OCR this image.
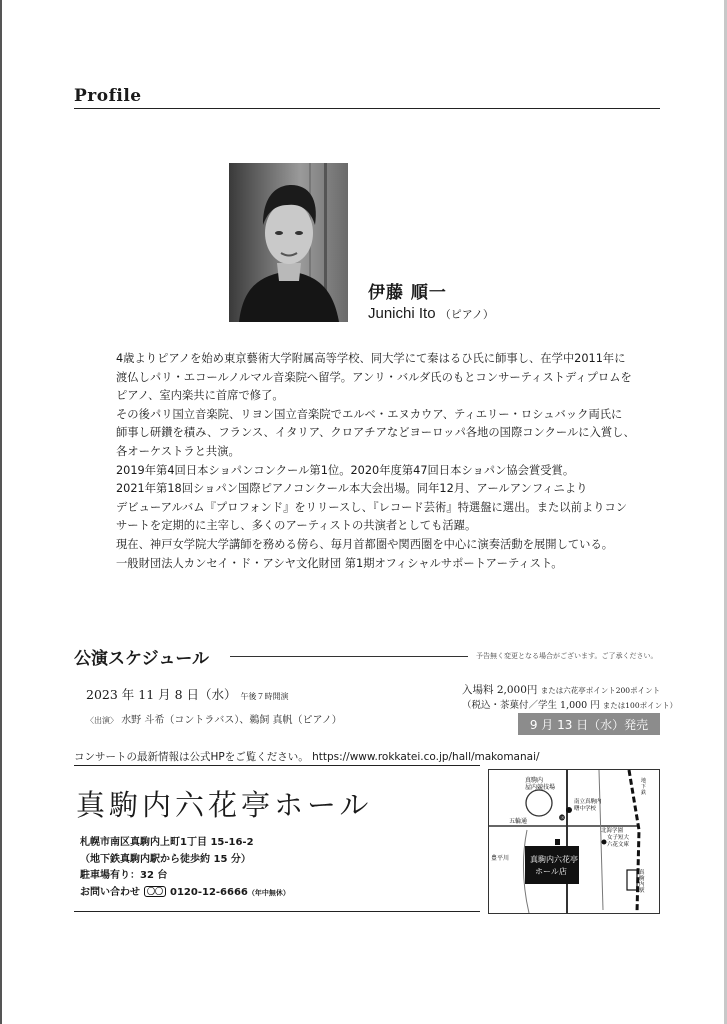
Profile
伊藤 順一
Junichi Ito （ピアノ）

4歳よりピアノを始め東京藝術大学附属高等学校、同大学にて秦はるひ氏に師事し、在学中2011年に

渡仏しパリ・エコールノルマル音楽院へ留学。アンリ・バルダ氏のもとコンサーティストディプロムを

ピアノ、室内楽共に首席で修了。

その後パリ国立音楽院、リヨン国立音楽院でエルベ・エヌカウア、ティエリー・ロシュバック両氏に

師事し研鑽を積み、フランス、イタリア、クロアチアなどヨーロッパ各地の国際コンクールに入賞し、

各オーケストラと共演。

2019年第4回日本ショパンコンクール第1位。2020年度第47回日本ショパン協会賞受賞。

2021年第18回ショパン国際ピアノコンクール本大会出場。同年12月、アールアンフィニより

デビューアルバム『プロフォンド』をリリースし、『レコード芸術』特選盤に選出。また以前よりコン

サートを定期的に主宰し、多くのアーティストの共演者としても活躍。

現在、神戸女学院大学講師を務める傍ら、毎月首都圏や関西圏を中心に演奏活動を展開している。

一般財団法人カンセイ・ド・アシヤ文化財団 第1期オフィシャルサポートアーティスト。

公演スケジュール	予告無く変更となる場合がございます。ご了承ください。
2023 年 11 月 8 日（水） 午後７時開演
〈出演〉 水野 斗希（コントラバス）、鵜飼 真帆（ピアノ）
入場料 2,000円 または六花亭ポイント200ポイント
（税込・茶菓付／学生 1,000 円 または100ポイント）
9 月 13 日（水）発売
コンサートの最新情報は公式HPをご覧ください。 https://www.rokkatei.co.jp/hall/makomanai/
真駒内六花亭ホール

札幌市南区真駒内上町1丁目 15-16-2

（地下鉄真駒内駅から徒歩約 15 分）

駐車場有り：32 台

お問い合わせ 〇〇 0120-12-6666（年中無休）

真駒内屋内競技場
南立真駒内曙中学校
⓲
五輪通
北海学園女子短大六花文庫
豊平川	真駒内六花亭ホール店	真駒内駅
地下鉄
